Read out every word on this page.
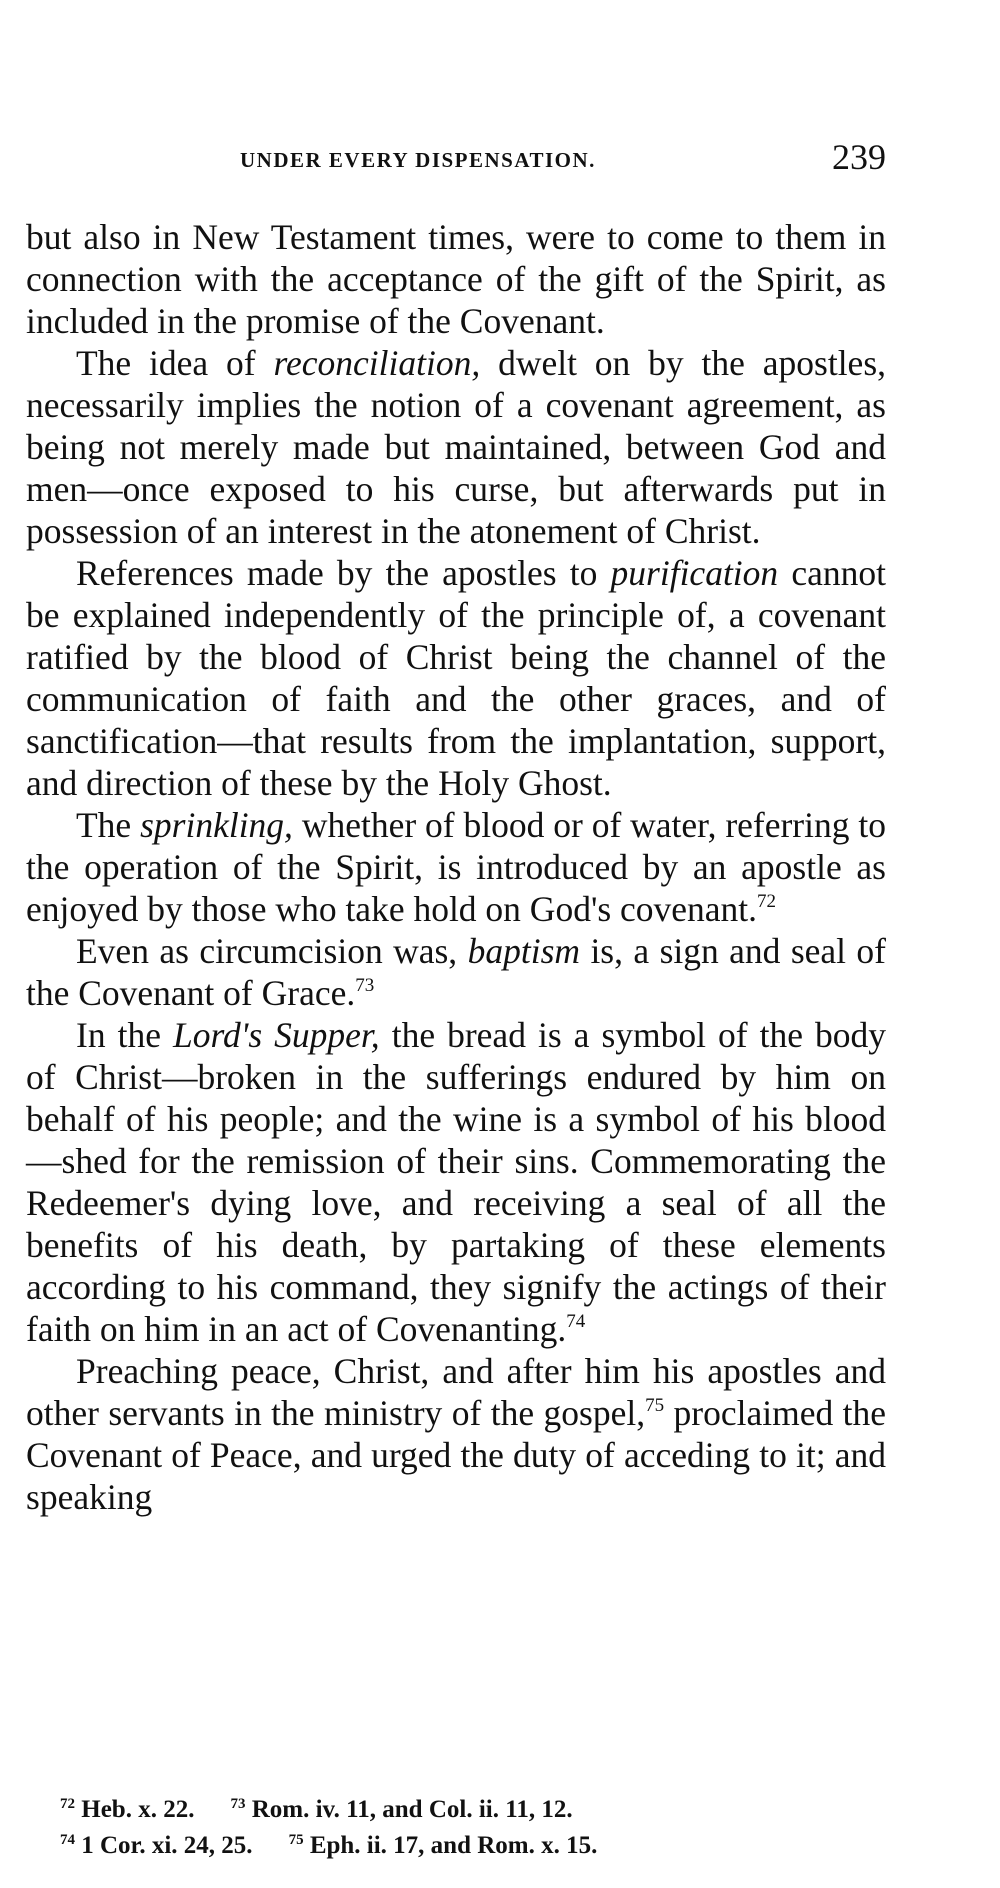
UNDER EVERY DISPENSATION.	239

but also in New Testament times, were to come to them in connection with the acceptance of the gift of the Spirit, as included in the promise of the Covenant.

The idea of reconciliation, dwelt on by the apostles, necessarily implies the notion of a covenant agreement, as being not merely made but maintained, between God and men—once exposed to his curse, but afterwards put in possession of an interest in the atonement of Christ.

References made by the apostles to purification cannot be explained independently of the principle of, a covenant ratified by the blood of Christ being the channel of the communication of faith and the other graces, and of sanctification—that results from the implantation, support, and direction of these by the Holy Ghost.

The sprinkling, whether of blood or of water, referring to the operation of the Spirit, is introduced by an apostle as enjoyed by those who take hold on God's covenant.$^{72}$

Even as circumcision was, baptism is, a sign and seal of the Covenant of Grace.$^{73}$

In the Lord's Supper, the bread is a symbol of the body of Christ—broken in the sufferings endured by him on behalf of his people; and the wine is a symbol of his blood—shed for the remission of their sins. Commemorating the Redeemer's dying love, and receiving a seal of all the benefits of his death, by partaking of these elements according to his command, they signify the actings of their faith on him in an act of Covenanting.$^{74}$

Preaching peace, Christ, and after him his apostles and other servants in the ministry of the gospel,$^{75}$ proclaimed the Covenant of Peace, and urged the duty of acceding to it; and speaking

$^{72}$ Heb. x. 22. $^{73}$ Rom. iv. 11, and Col. ii. 11, 12.
$^{74}$ 1 Cor. xi. 24, 25. $^{75}$ Eph. ii. 17, and Rom. x. 15.
